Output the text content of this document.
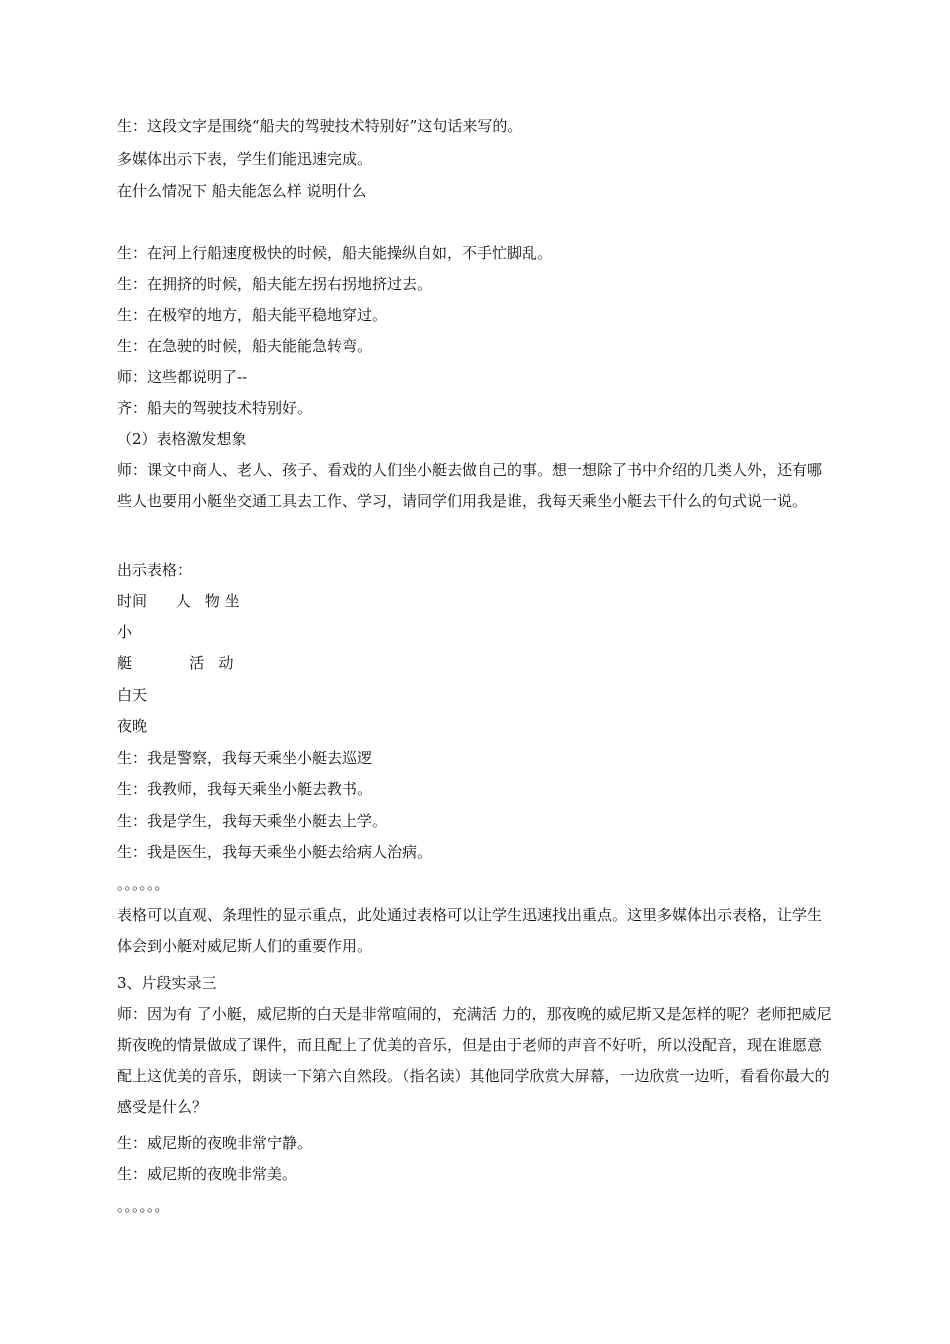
生：这段文字是围绕“船夫的驾驶技术特别好”这句话来写的。
多媒体出示下表，学生们能迅速完成。
在什么情况下 船夫能怎么样 说明什么
生：在河上行船速度极快的时候，船夫能操纵自如，不手忙脚乱。
生：在拥挤的时候，船夫能左拐右拐地挤过去。
生：在极窄的地方，船夫能平稳地穿过。
生：在急驶的时候，船夫能能急转弯。
师：这些都说明了--
齐：船夫的驾驶技术特别好。
（2）表格激发想象
师：课文中商人、老人、孩子、看戏的人们坐小艇去做自己的事。想一想除了书中介绍的几类人外，还有哪些人也要用小艇坐交通工具去工作、学习，请同学们用我是谁，我每天乘坐小艇去干什么的句式说一说。
出示表格：
时间      人   物 坐
小
艇            活   动
白天
夜晚
生：我是警察，我每天乘坐小艇去巡逻
生：我教师，我每天乘坐小艇去教书。
生：我是学生，我每天乘坐小艇去上学。
生：我是医生，我每天乘坐小艇去给病人治病。
。。。。。。
表格可以直观、条理性的显示重点，此处通过表格可以让学生迅速找出重点。这里多媒体出示表格，让学生体会到小艇对威尼斯人们的重要作用。
3、片段实录三
师：因为有 了小艇，威尼斯的白天是非常喧闹的，充满活 力的，那夜晚的威尼斯又是怎样的呢？老师把威尼斯夜晚的情景做成了课件，而且配上了优美的音乐，但是由于老师的声音不好听，所以没配音，现在谁愿意配上这优美的音乐，朗读一下第六自然段。（指名读）其他同学欣赏大屏幕，一边欣赏一边听，看看你最大的感受是什么？
生：威尼斯的夜晚非常宁静。
生：威尼斯的夜晚非常美。
。。。。。。
